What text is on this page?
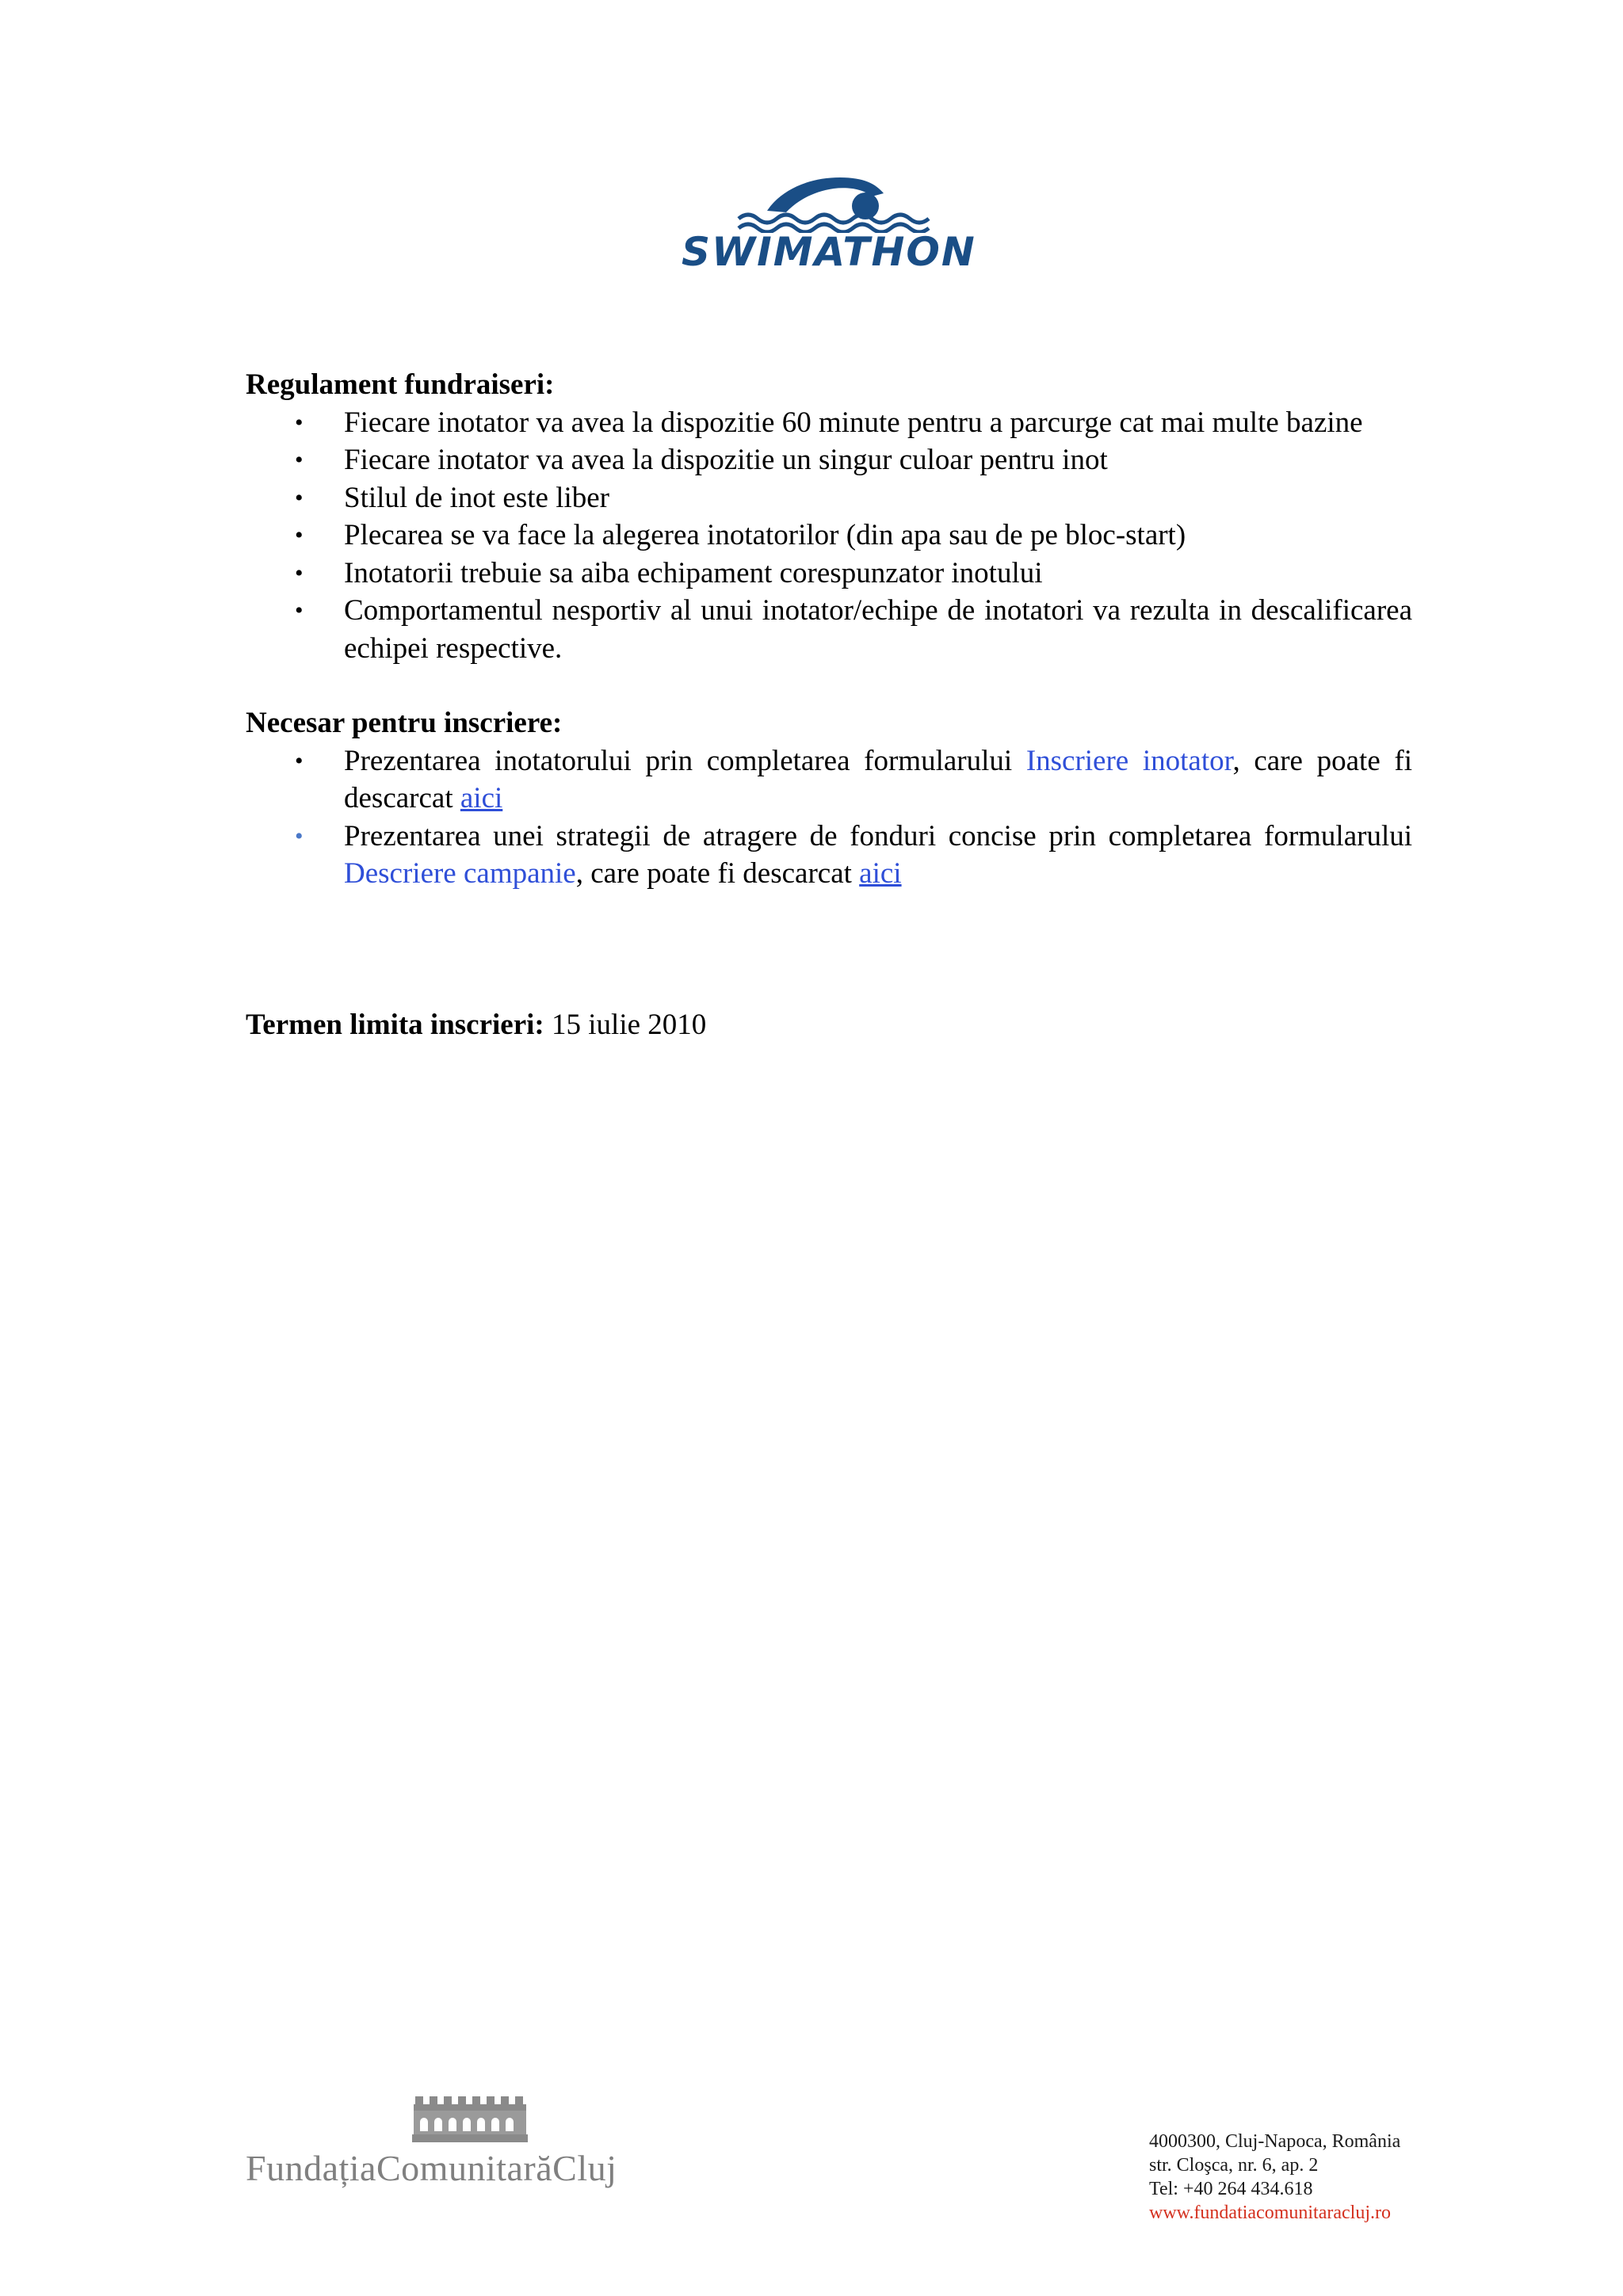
SWIMATHON

Regulament fundraiseri:

•	Fiecare inotator va avea la dispozitie 60 minute pentru a parcurge cat mai multe bazine
•	Fiecare inotator va avea la dispozitie un singur culoar pentru inot
•	Stilul de inot este liber
•	Plecarea se va face la alegerea inotatorilor (din apa sau de pe bloc-start)
•	Inotatorii trebuie sa aiba echipament corespunzator inotului
•	Comportamentul nesportiv al unui inotator/echipe de inotatori va rezulta in descalificarea echipei respective.

Necesar pentru inscriere:

•	Prezentarea inotatorului prin completarea formularului Inscriere inotator, care poate fi descarcat aici
•	Prezentarea unei strategii de atragere de fonduri concise prin completarea formularului Descriere campanie, care poate fi descarcat aici

Termen limita inscrieri: 15 iulie 2010

FundațiaComunitarăCluj
4000300, Cluj-Napoca, România
str. Cloşca, nr. 6, ap. 2
Tel: +40 264 434.618
www.fundatiacomunitaracluj.ro
